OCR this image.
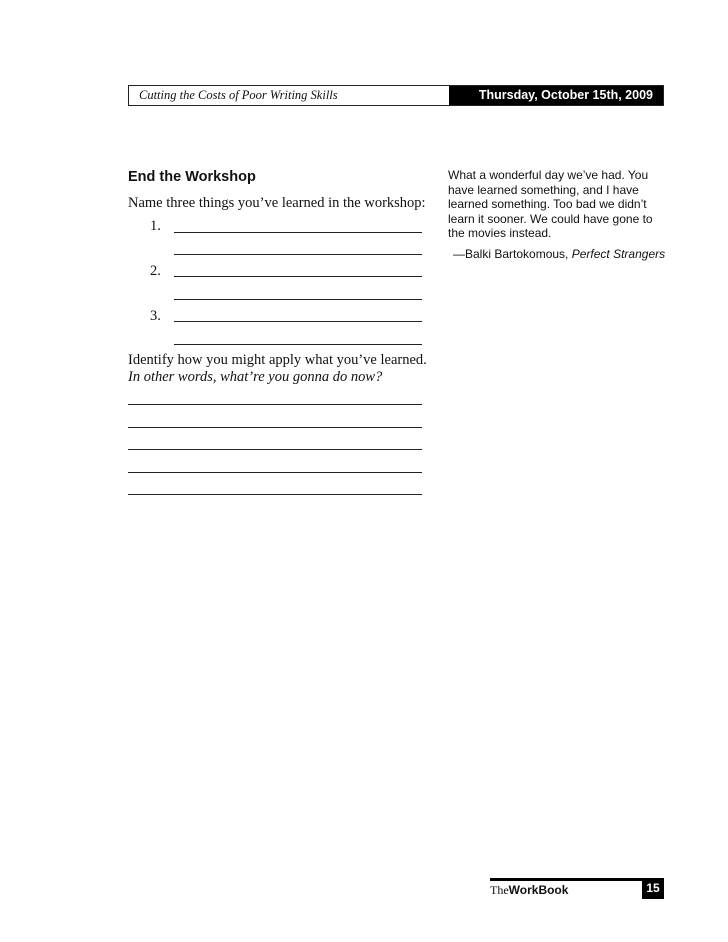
Cutting the Costs of Poor Writing Skills	Thursday, October 15th, 2009
End the Workshop
Name three things you’ve learned in the workshop:
1.
2.
3.
Identify how you might apply what you’ve learned. In other words, what’re you gonna do now?
What a wonderful day we’ve had. You have learned something, and I have learned something. Too bad we didn’t learn it sooner. We could have gone to the movies instead.
—Balki Bartokomous, Perfect Strangers
TheWorkBook	15
